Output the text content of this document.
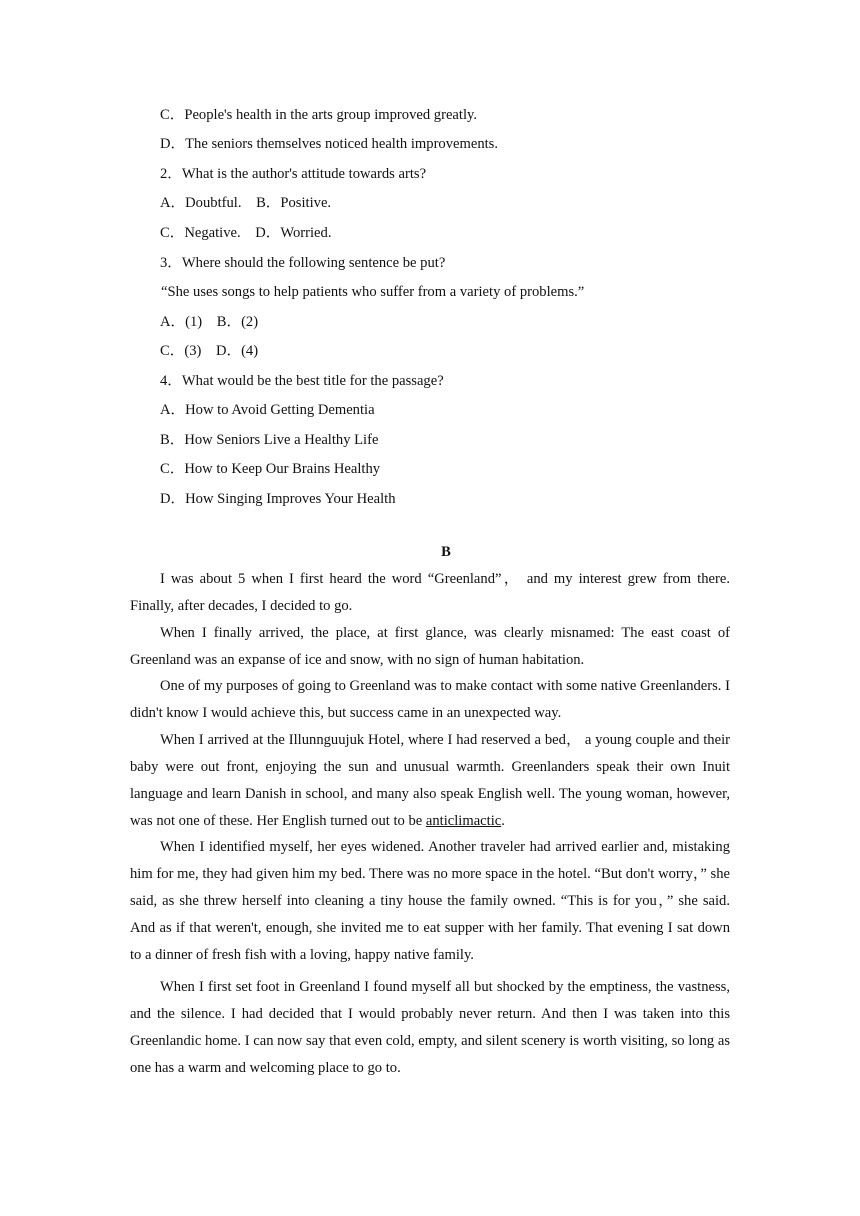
C．People's health in the arts group improved greatly.
D．The seniors themselves noticed health improvements.
2．What is the author's attitude towards arts?
A．Doubtful. B．Positive.
C．Negative. D．Worried.
3．Where should the following sentence be put?
“She uses songs to help patients who suffer from a variety of problems.”
A．(1) B．(2)
C．(3) D．(4)
4．What would be the best title for the passage?
A．How to Avoid Getting Dementia
B．How Seniors Live a Healthy Life
C．How to Keep Our Brains Healthy
D．How Singing Improves Your Health
B

I was about 5 when I first heard the word “Greenland”， and my interest grew from there. Finally, after decades, I decided to go.

When I finally arrived, the place, at first glance, was clearly misnamed: The east coast of Greenland was an expanse of ice and snow, with no sign of human habitation.

One of my purposes of going to Greenland was to make contact with some native Greenlanders. I didn't know I would achieve this, but success came in an unexpected way.

When I arrived at the Illunnguujuk Hotel, where I had reserved a bed， a young couple and their baby were out front, enjoying the sun and unusual warmth. Greenlanders speak their own Inuit language and learn Danish in school, and many also speak English well. The young woman, however, was not one of these. Her English turned out to be anticlimactic.

When I identified myself, her eyes widened. Another traveler had arrived earlier and, mistaking him for me, they had given him my bed. There was no more space in the hotel. “But don't worry，” she said, as she threw herself into cleaning a tiny house the family owned. “This is for you，” she said. And as if that weren't, enough, she invited me to eat supper with her family. That evening I sat down to a dinner of fresh fish with a loving, happy native family.

When I first set foot in Greenland I found myself all but shocked by the emptiness, the vastness, and the silence. I had decided that I would probably never return. And then I was taken into this Greenlandic home. I can now say that even cold, empty, and silent scenery is worth visiting, so long as one has a warm and welcoming place to go to.
